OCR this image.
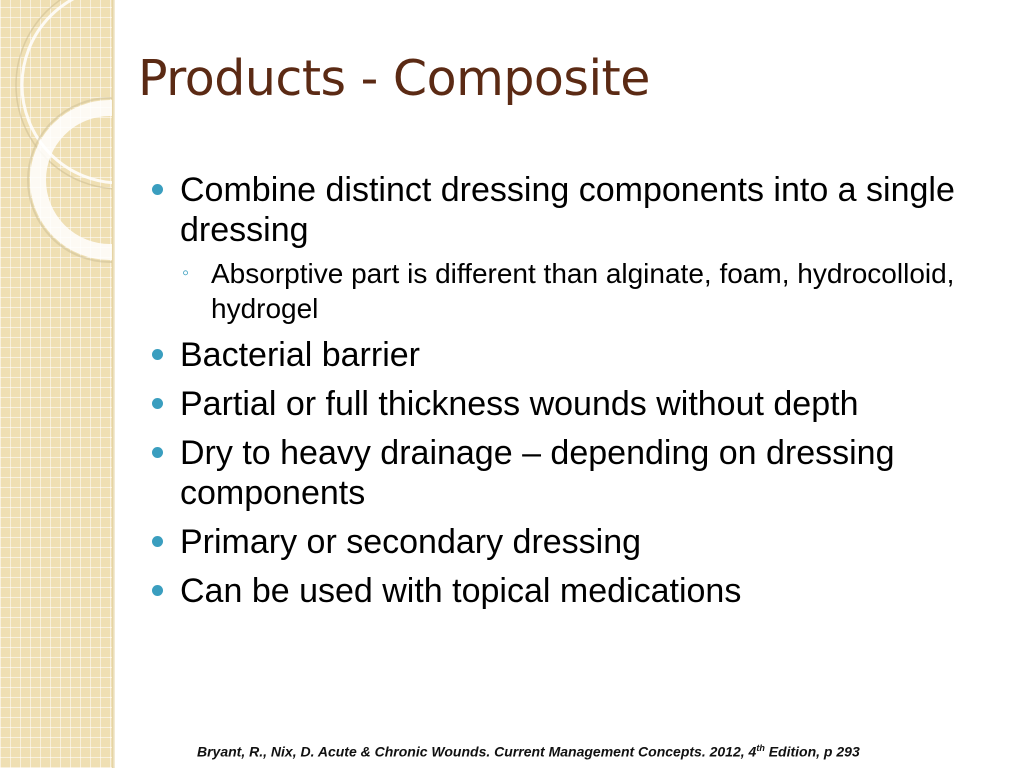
Products - Composite
Combine distinct dressing components into a single dressing
◦ Absorptive part is different than alginate, foam, hydrocolloid, hydrogel
Bacterial barrier
Partial or full thickness wounds without depth
Dry to heavy drainage – depending on dressing components
Primary or secondary dressing
Can be used with topical medications
Bryant, R., Nix, D. Acute & Chronic Wounds. Current Management Concepts. 2012, 4th Edition, p 293
